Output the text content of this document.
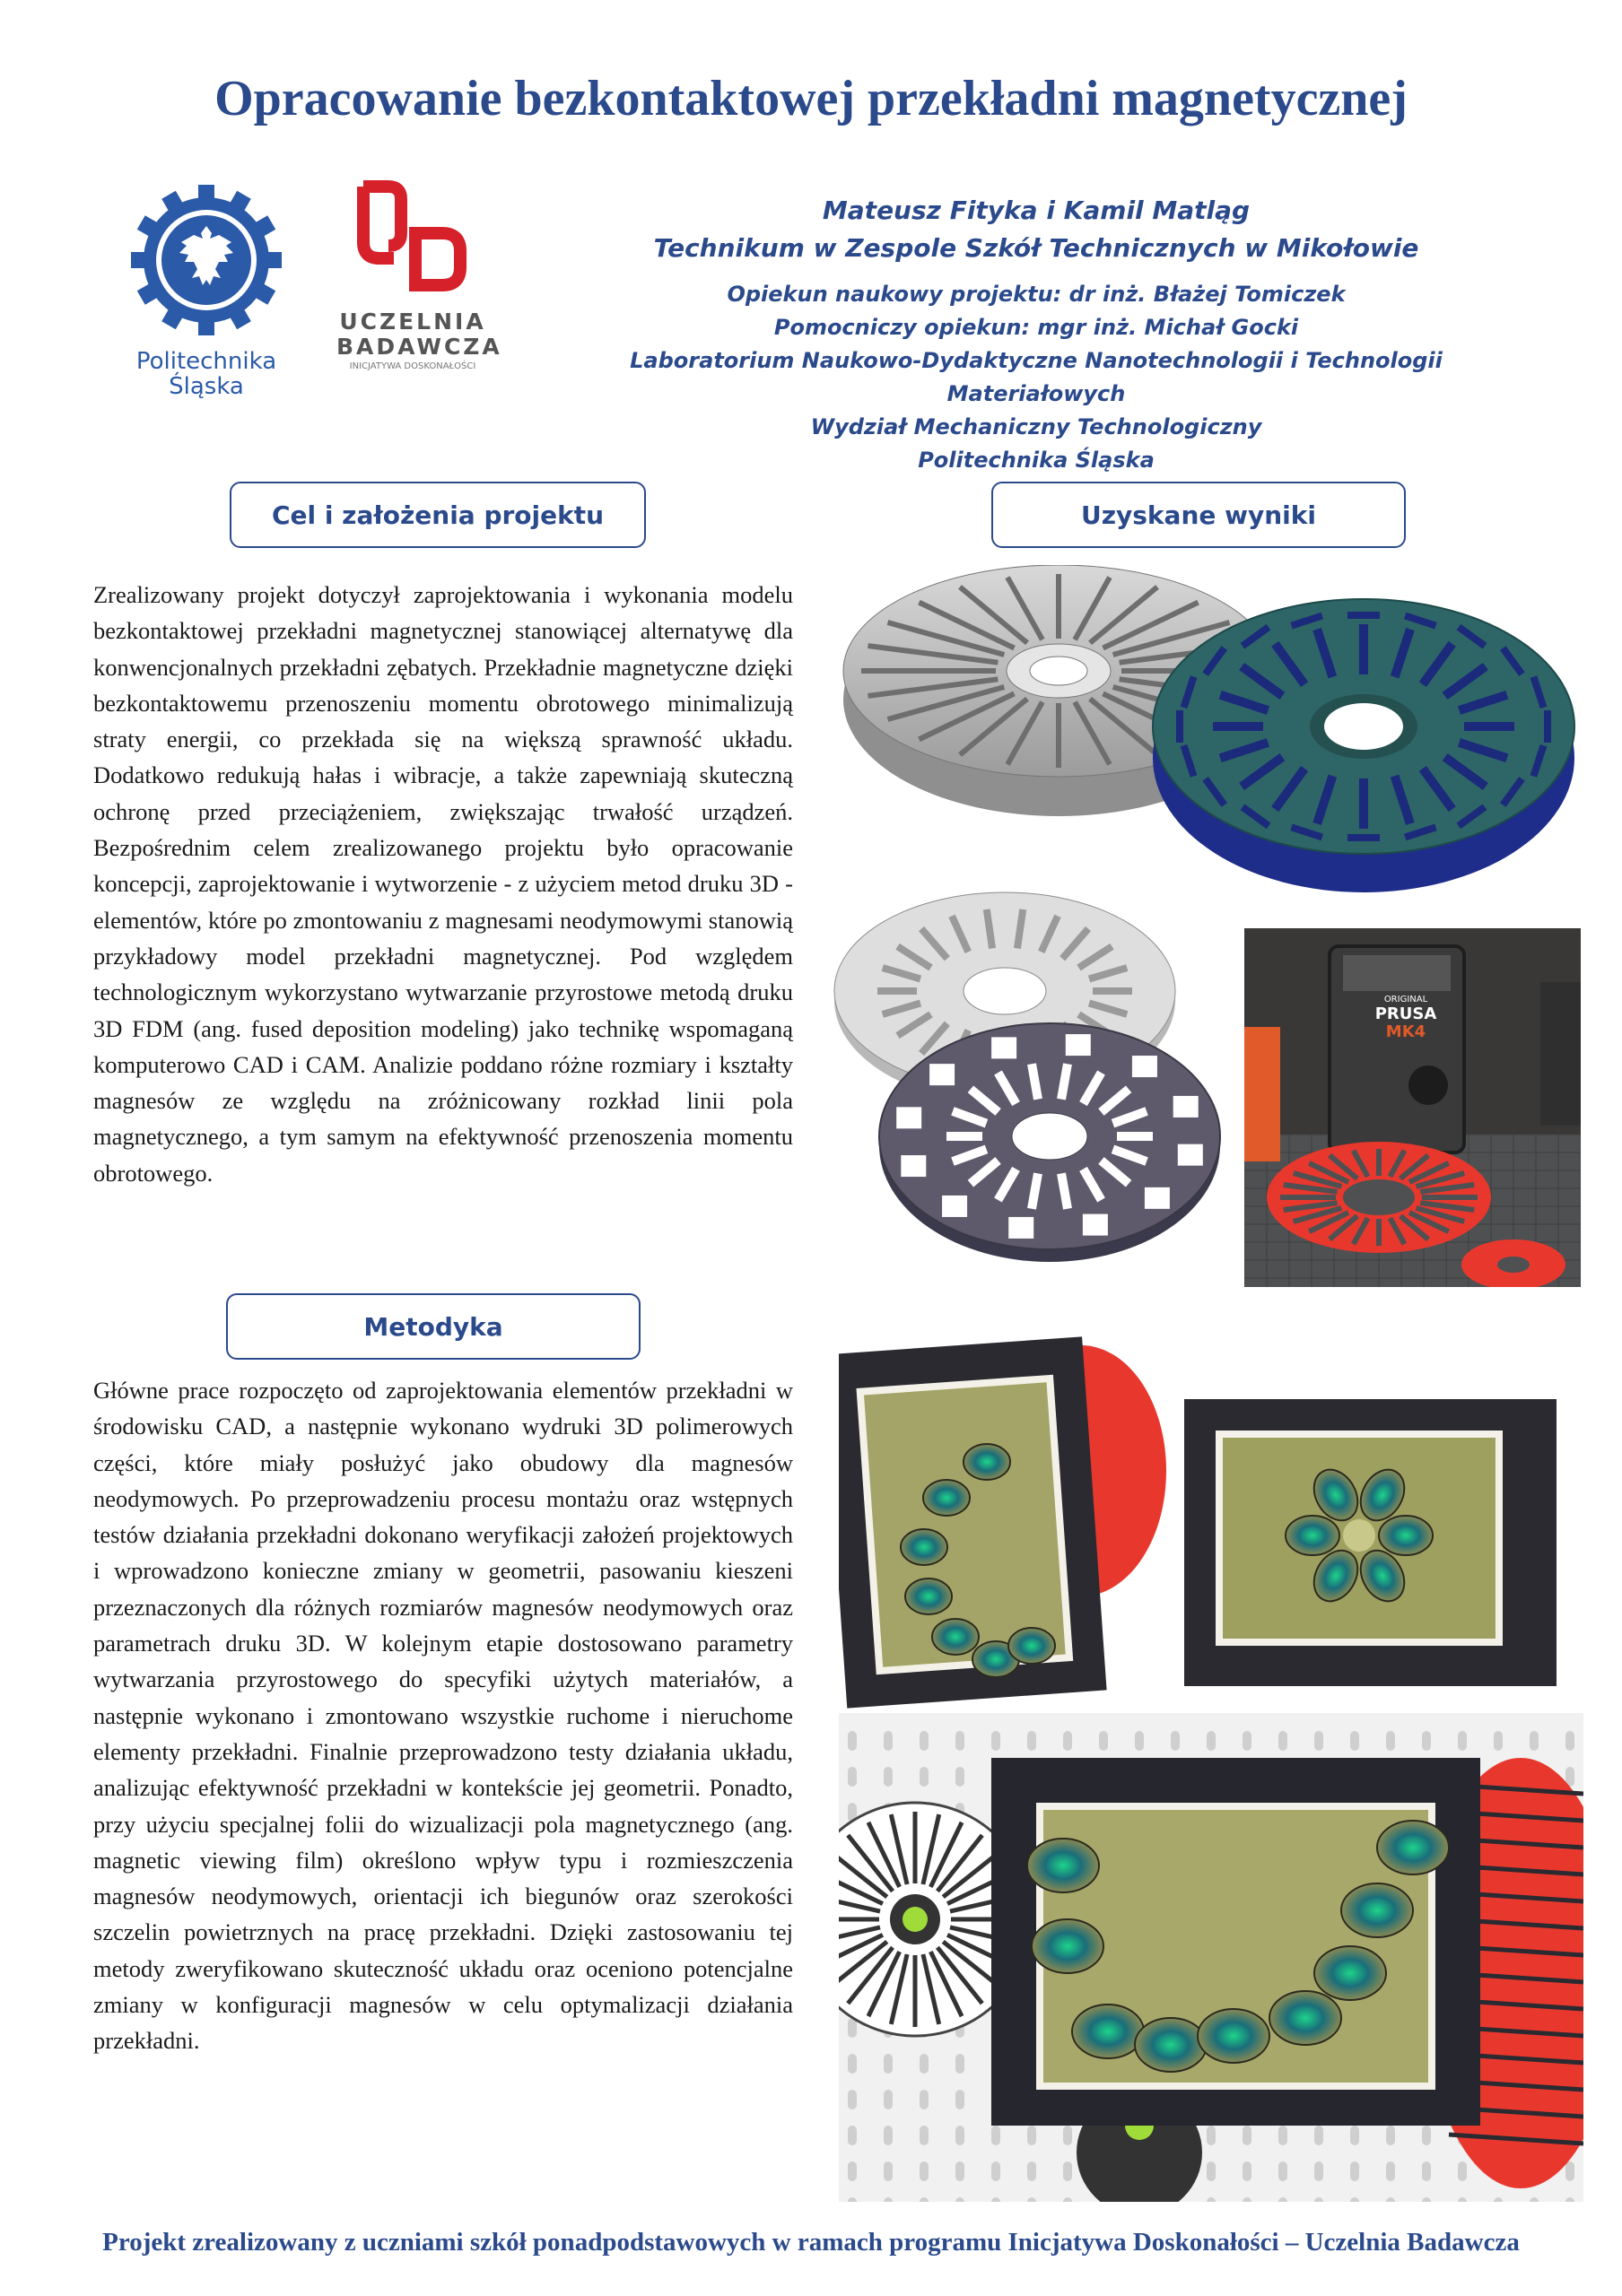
Opracowanie bezkontaktowej przekładni magnetycznej
Politechnika Śląska
UCZELNIA
BADAWCZA
INICJATYWA DOSKONAŁOŚCI
Mateusz Fityka i Kamil Matląg
Technikum w Zespole Szkół Technicznych w Mikołowie
Opiekun naukowy projektu: dr inż. Błażej Tomiczek
Pomocniczy opiekun: mgr inż. Michał Gocki
Laboratorium Naukowo-Dydaktyczne Nanotechnologii i Technologii Materiałowych
Wydział Mechaniczny Technologiczny
Politechnika Śląska
Cel i założenia projektu
Zrealizowany projekt dotyczył zaprojektowania i wykonania modelu bezkontaktowej przekładni magnetycznej stanowiącej alternatywę dla konwencjonalnych przekładni zębatych. Przekładnie magnetyczne dzięki bezkontaktowemu przenoszeniu momentu obrotowego minimalizują straty energii, co przekłada się na większą sprawność układu. Dodatkowo redukują hałas i wibracje, a także zapewniają skuteczną ochronę przed przeciążeniem, zwiększając trwałość urządzeń. Bezpośrednim celem zrealizowanego projektu było opracowanie koncepcji, zaprojektowanie i wytworzenie - z użyciem metod druku 3D - elementów, które po zmontowaniu z magnesami neodymowymi stanowią przykładowy model przekładni magnetycznej. Pod względem technologicznym wykorzystano wytwarzanie przyrostowe metodą druku 3D FDM (ang. fused deposition modeling) jako technikę wspomaganą komputerowo CAD i CAM. Analizie poddano różne rozmiary i kształty magnesów ze względu na zróżnicowany rozkład linii pola magnetycznego, a tym samym na efektywność przenoszenia momentu obrotowego.
Metodyka
Główne prace rozpoczęto od zaprojektowania elementów przekładni w środowisku CAD, a następnie wykonano wydruki 3D polimerowych części, które miały posłużyć jako obudowy dla magnesów neodymowych. Po przeprowadzeniu procesu montażu oraz wstępnych testów działania przekładni dokonano weryfikacji założeń projektowych i wprowadzono konieczne zmiany w geometrii, pasowaniu kieszeni przeznaczonych dla różnych rozmiarów magnesów neodymowych oraz parametrach druku 3D. W kolejnym etapie dostosowano parametry wytwarzania przyrostowego do specyfiki użytych materiałów, a następnie wykonano i zmontowano wszystkie ruchome i nieruchome elementy przekładni. Finalnie przeprowadzono testy działania układu, analizując efektywność przekładni w kontekście jej geometrii. Ponadto, przy użyciu specjalnej folii do wizualizacji pola magnetycznego (ang. magnetic viewing film) określono wpływ typu i rozmieszczenia magnesów neodymowych, orientacji ich biegunów oraz szerokości szczelin powietrznych na pracę przekładni. Dzięki zastosowaniu tej metody zweryfikowano skuteczność układu oraz oceniono potencjalne zmiany w konfiguracji magnesów w celu optymalizacji działania przekładni.
Uzyskane wyniki
ORIGINAL
PRUSA
MK4
Projekt zrealizowany z uczniami szkół ponadpodstawowych w ramach programu Inicjatywa Doskonałości – Uczelnia Badawcza
